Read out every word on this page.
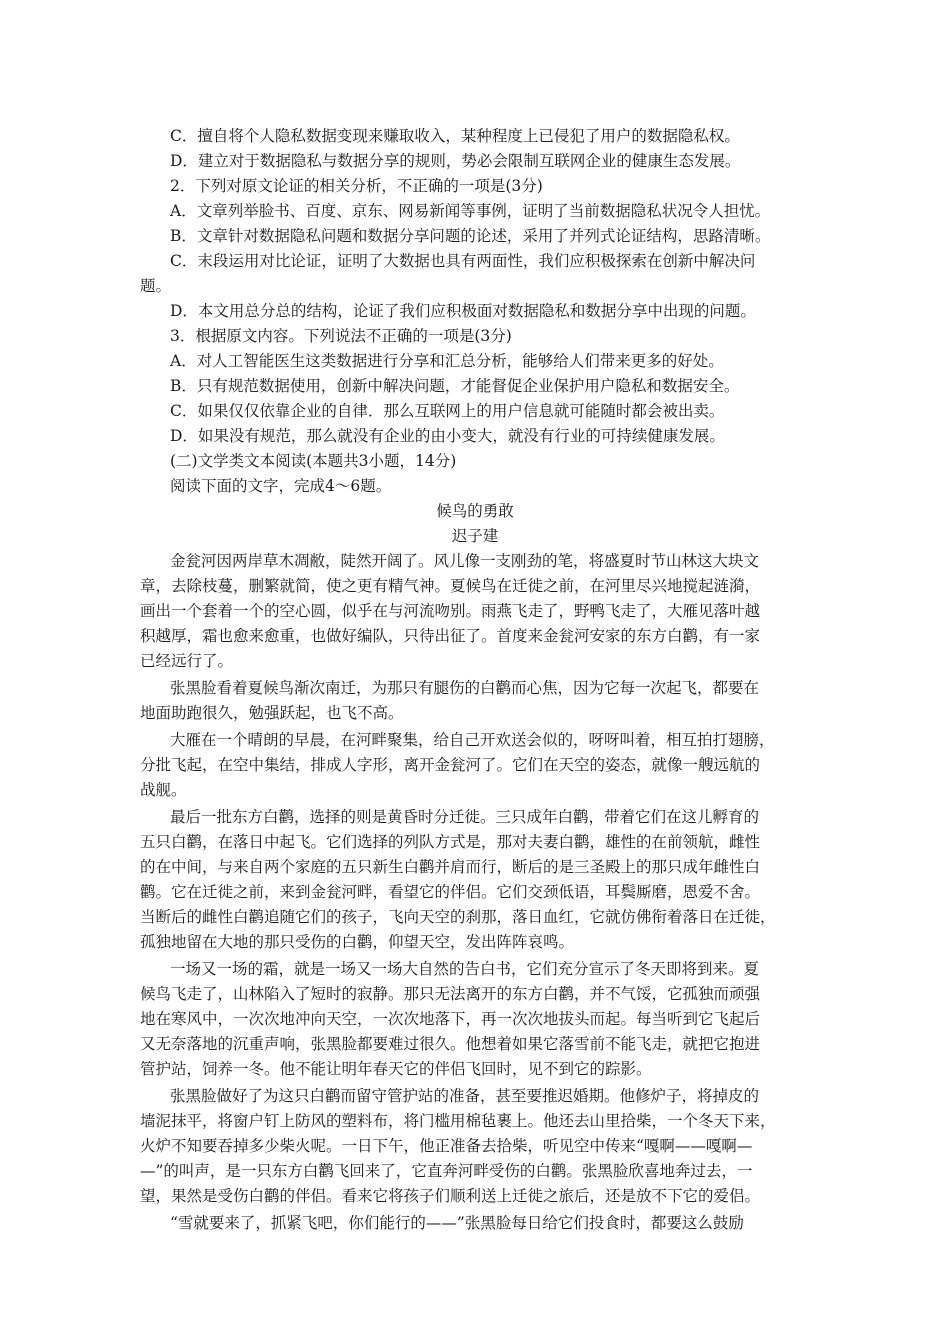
C．擅自将个人隐私数据变现来赚取收入，某种程度上已侵犯了用户的数据隐私权。
D．建立对于数据隐私与数据分享的规则，势必会限制互联网企业的健康生态发展。
2．下列对原文论证的相关分析，不正确的一项是(3分)
A．文章列举脸书、百度、京东、网易新闻等事例，证明了当前数据隐私状况令人担忧。
B．文章针对数据隐私问题和数据分享问题的论述，采用了并列式论证结构，思路清晰。
C．末段运用对比论证，证明了大数据也具有两面性，我们应积极探索在创新中解决问
题。
D．本文用总分总的结构，论证了我们应积极面对数据隐私和数据分享中出现的问题。
3．根据原文内容。下列说法不正确的一项是(3分)
A．对人工智能医生这类数据进行分享和汇总分析，能够给人们带来更多的好处。
B．只有规范数据使用，创新中解决问题，才能督促企业保护用户隐私和数据安全。
C．如果仅仅依靠企业的自律．那么互联网上的用户信息就可能随时都会被出卖。
D．如果没有规范，那么就没有企业的由小变大，就没有行业的可持续健康发展。
(二)文学类文本阅读(本题共3小题，14分)
阅读下面的文字，完成4～6题。
候鸟的勇敢
迟子建
金瓮河因两岸草木凋敝，陡然开阔了。风儿像一支刚劲的笔，将盛夏时节山林这大块文
章，去除枝蔓，删繁就简，使之更有精气神。夏候鸟在迁徙之前，在河里尽兴地搅起涟漪，
画出一个套着一个的空心圆，似乎在与河流吻别。雨燕飞走了，野鸭飞走了，大雁见落叶越
积越厚，霜也愈来愈重，也做好编队，只待出征了。首度来金瓮河安家的东方白鹳，有一家
已经远行了。
张黑脸看着夏候鸟渐次南迁，为那只有腿伤的白鹳而心焦，因为它每一次起飞，都要在
地面助跑很久，勉强跃起，也飞不高。
大雁在一个晴朗的早晨，在河畔聚集，给自己开欢送会似的，呀呀叫着，相互拍打翅膀，
分批飞起，在空中集结，排成人字形，离开金瓮河了。它们在天空的姿态，就像一艘远航的
战舰。
最后一批东方白鹳，选择的则是黄昏时分迁徙。三只成年白鹳，带着它们在这儿孵育的
五只白鹳，在落日中起飞。它们选择的列队方式是，那对夫妻白鹳，雄性的在前领航，雌性
的在中间，与来自两个家庭的五只新生白鹳并肩而行，断后的是三圣殿上的那只成年雌性白
鹳。它在迁徙之前，来到金瓮河畔，看望它的伴侣。它们交颈低语，耳鬓厮磨，恩爱不舍。
当断后的雌性白鹳追随它们的孩子，飞向天空的刹那，落日血红，它就仿佛衔着落日在迁徙，
孤独地留在大地的那只受伤的白鹳，仰望天空，发出阵阵哀鸣。
一场又一场的霜，就是一场又一场大自然的告白书，它们充分宣示了冬天即将到来。夏
候鸟飞走了，山林陷入了短时的寂静。那只无法离开的东方白鹳，并不气馁，它孤独而顽强
地在寒风中，一次次地冲向天空，一次次地落下，再一次次地拔头而起。每当听到它飞起后
又无奈落地的沉重声响，张黑脸都要难过很久。他想着如果它落雪前不能飞走，就把它抱进
管护站，饲养一冬。他不能让明年春天它的伴侣飞回时，见不到它的踪影。
张黑脸做好了为这只白鹳而留守管护站的准备，甚至要推迟婚期。他修炉子，将掉皮的
墙泥抹平，将窗户钉上防风的塑料布，将门槛用棉毡裹上。他还去山里拾柴，一个冬天下来，
火炉不知要吞掉多少柴火呢。一日下午，他正准备去拾柴，听见空中传来“嘎啊——嘎啊—
—”的叫声，是一只东方白鹳飞回来了，它直奔河畔受伤的白鹳。张黑脸欣喜地奔过去，一
望，果然是受伤白鹳的伴侣。看来它将孩子们顺利送上迁徙之旅后，还是放不下它的爱侣。
“雪就要来了，抓紧飞吧，你们能行的——”张黑脸每日给它们投食时，都要这么鼓励
